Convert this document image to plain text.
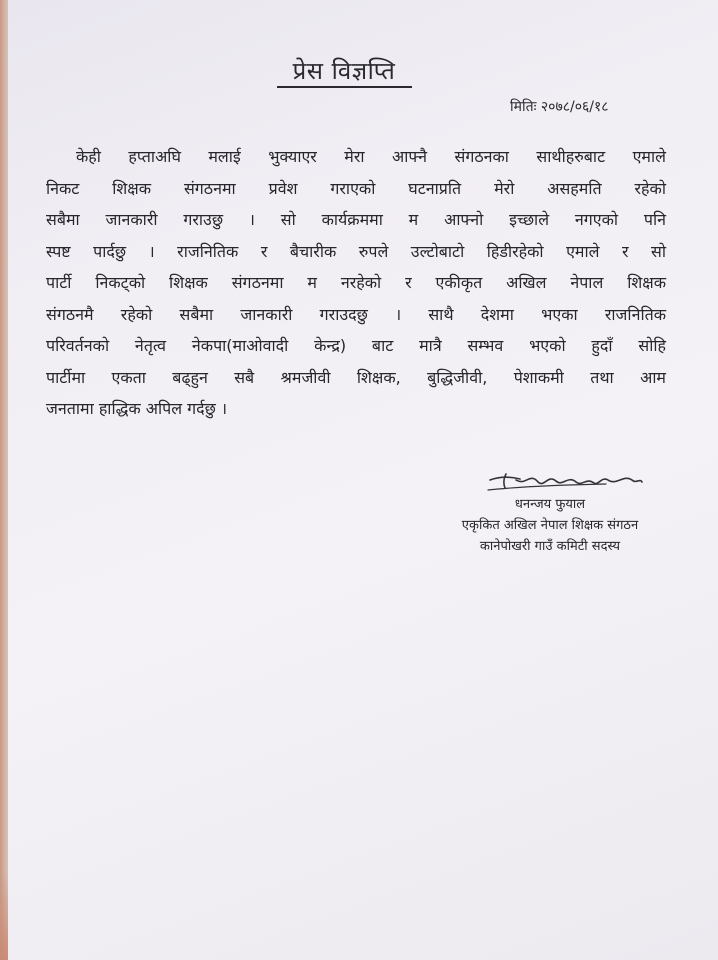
प्रेस विज्ञप्ति
मितिः २०७८/०६/१८
केही हप्ताअघि मलाई भुक्याएर मेरा आफ्नै संगठनका साथीहरुबाट एमाले
निकट शिक्षक संगठनमा प्रवेश गराएको घटनाप्रति मेरो असहमति रहेको
सबैमा जानकारी गराउछु । सो कार्यक्रममा म आफ्नो इच्छाले नगएको पनि
स्पष्ट पार्दछु । राजनितिक र बैचारीक रुपले उल्टोबाटो हिडीरहेको एमाले र सो
पार्टी निकट्को शिक्षक संगठनमा म नरहेको र एकीकृत अखिल नेपाल शिक्षक
संगठनमै रहेको सबैमा जानकारी गराउदछु । साथै देशमा भएका राजनितिक
परिवर्तनको नेतृत्व नेकपा(माओवादी केन्द्र) बाट मात्रै सम्भव भएको हुदाँ सोहि
पार्टीमा एकता बढ्हुन सबै श्रमजीवी शिक्षक, बुद्धिजीवी, पेशाकमी तथा आम
जनतामा हाद्धिक अपिल गर्दछु ।
धनन्जय फुयाल
एकृकित अखिल नेपाल शिक्षक संगठन
कानेपोखरी गाउँ कमिटी सदस्य
